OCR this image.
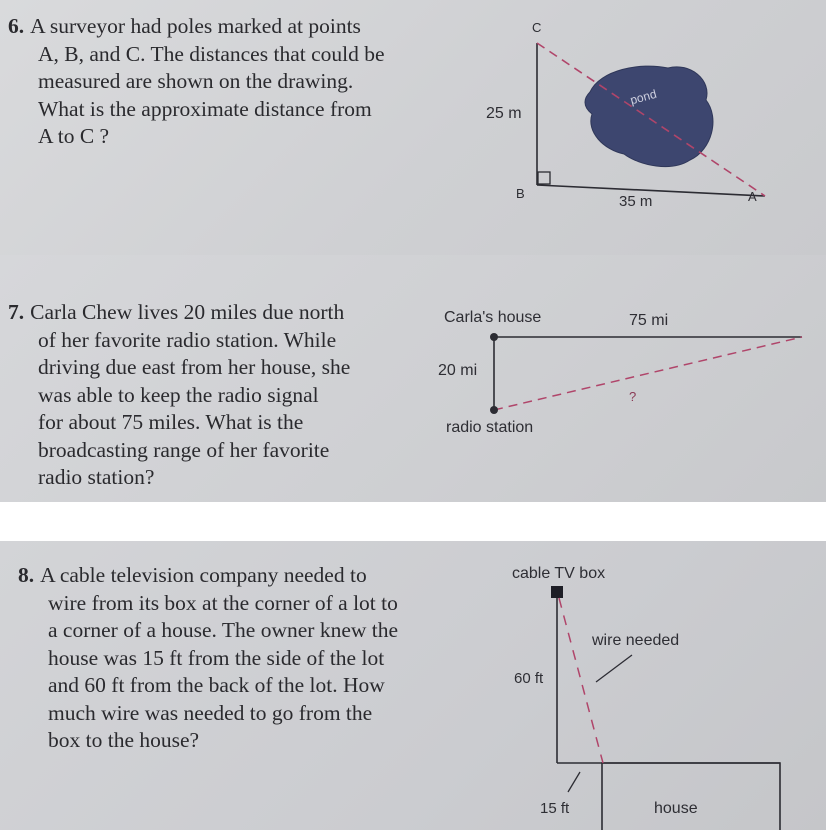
6. A surveyor had poles marked at points
A, B, and C. The distances that could be
measured are shown on the drawing.
What is the approximate distance from
A to C ?
7. Carla Chew lives 20 miles due north
of her favorite radio station. While
driving due east from her house, she
was able to keep the radio signal
for about 75 miles. What is the
broadcasting range of her favorite
radio station?
8. A cable television company needed to
wire from its box at the corner of a lot to
a corner of a house. The owner knew the
house was 15 ft from the side of the lot
and 60 ft from the back of the lot. How
much wire was needed to go from the
box to the house?
C
25 m
B
pond
35 m	A
Carla's house	75 mi
20 mi
?
radio station
cable TV box
wire needed
60 ft
15 ft	house
